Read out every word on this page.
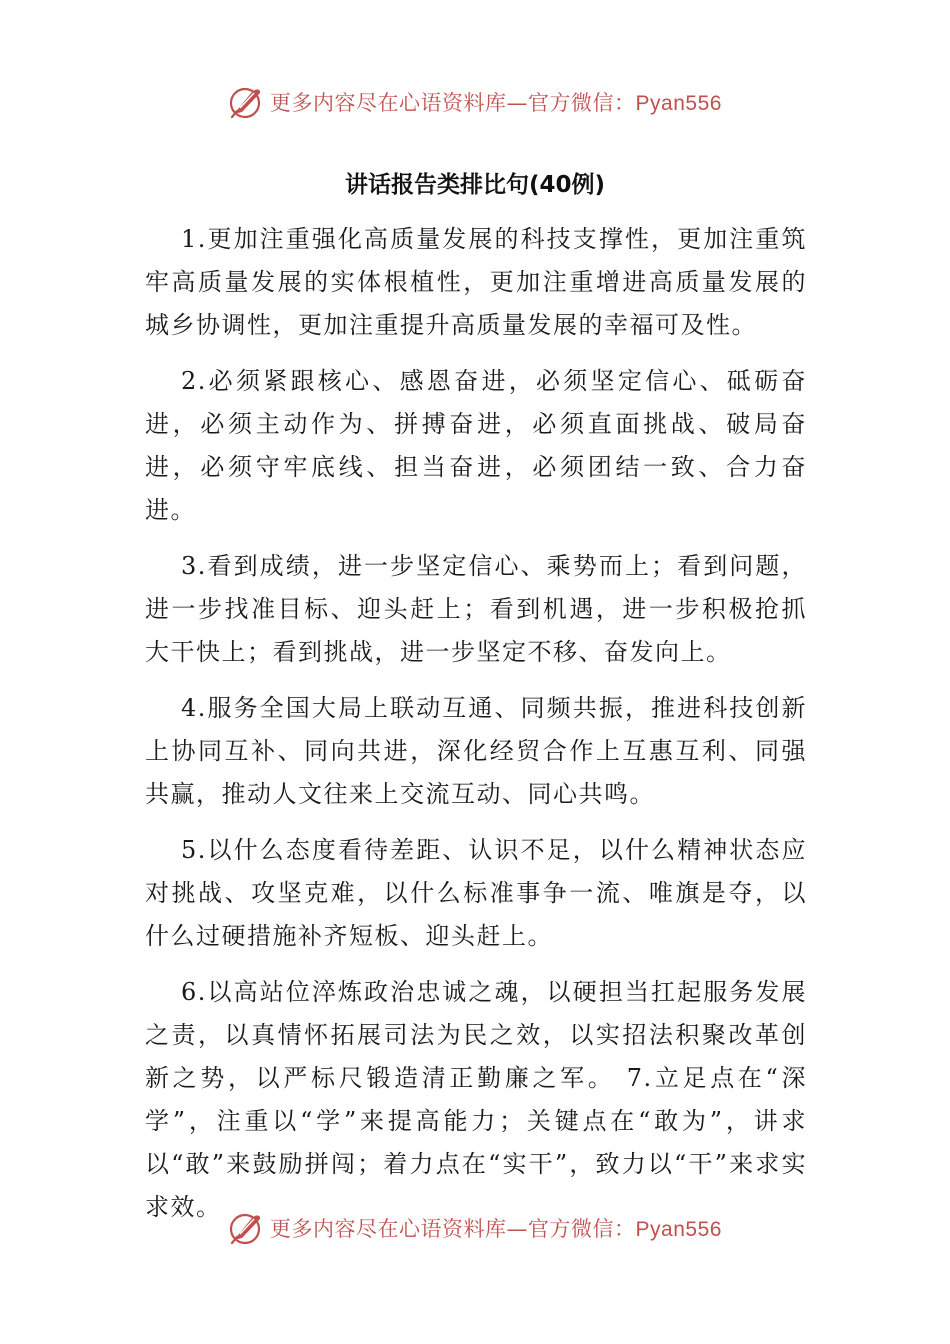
更多内容尽在心语资料库—官方微信：Pyan556
讲话报告类排比句(40例)

1.更加注重强化高质量发展的科技支撑性，更加注重筑牢高质量发展的实体根植性，更加注重增进高质量发展的城乡协调性，更加注重提升高质量发展的幸福可及性。

2.必须紧跟核心、感恩奋进，必须坚定信心、砥砺奋进，必须主动作为、拼搏奋进，必须直面挑战、破局奋进，必须守牢底线、担当奋进，必须团结一致、合力奋进。

3.看到成绩，进一步坚定信心、乘势而上；看到问题，进一步找准目标、迎头赶上；看到机遇，进一步积极抢抓大干快上；看到挑战，进一步坚定不移、奋发向上。

4.服务全国大局上联动互通、同频共振，推进科技创新上协同互补、同向共进，深化经贸合作上互惠互利、同强共赢，推动人文往来上交流互动、同心共鸣。

5.以什么态度看待差距、认识不足，以什么精神状态应对挑战、攻坚克难，以什么标准事争一流、唯旗是夺，以什么过硬措施补齐短板、迎头赶上。

6.以高站位淬炼政治忠诚之魂，以硬担当扛起服务发展之责，以真情怀拓展司法为民之效，以实招法积聚改革创新之势，以严标尺锻造清正勤廉之军。 7.立足点在“深学”，注重以“学”来提高能力；关键点在“敢为”，讲求以“敢”来鼓励拼闯；着力点在“实干”，致力以“干”来求实求效。

更多内容尽在心语资料库—官方微信：Pyan556
